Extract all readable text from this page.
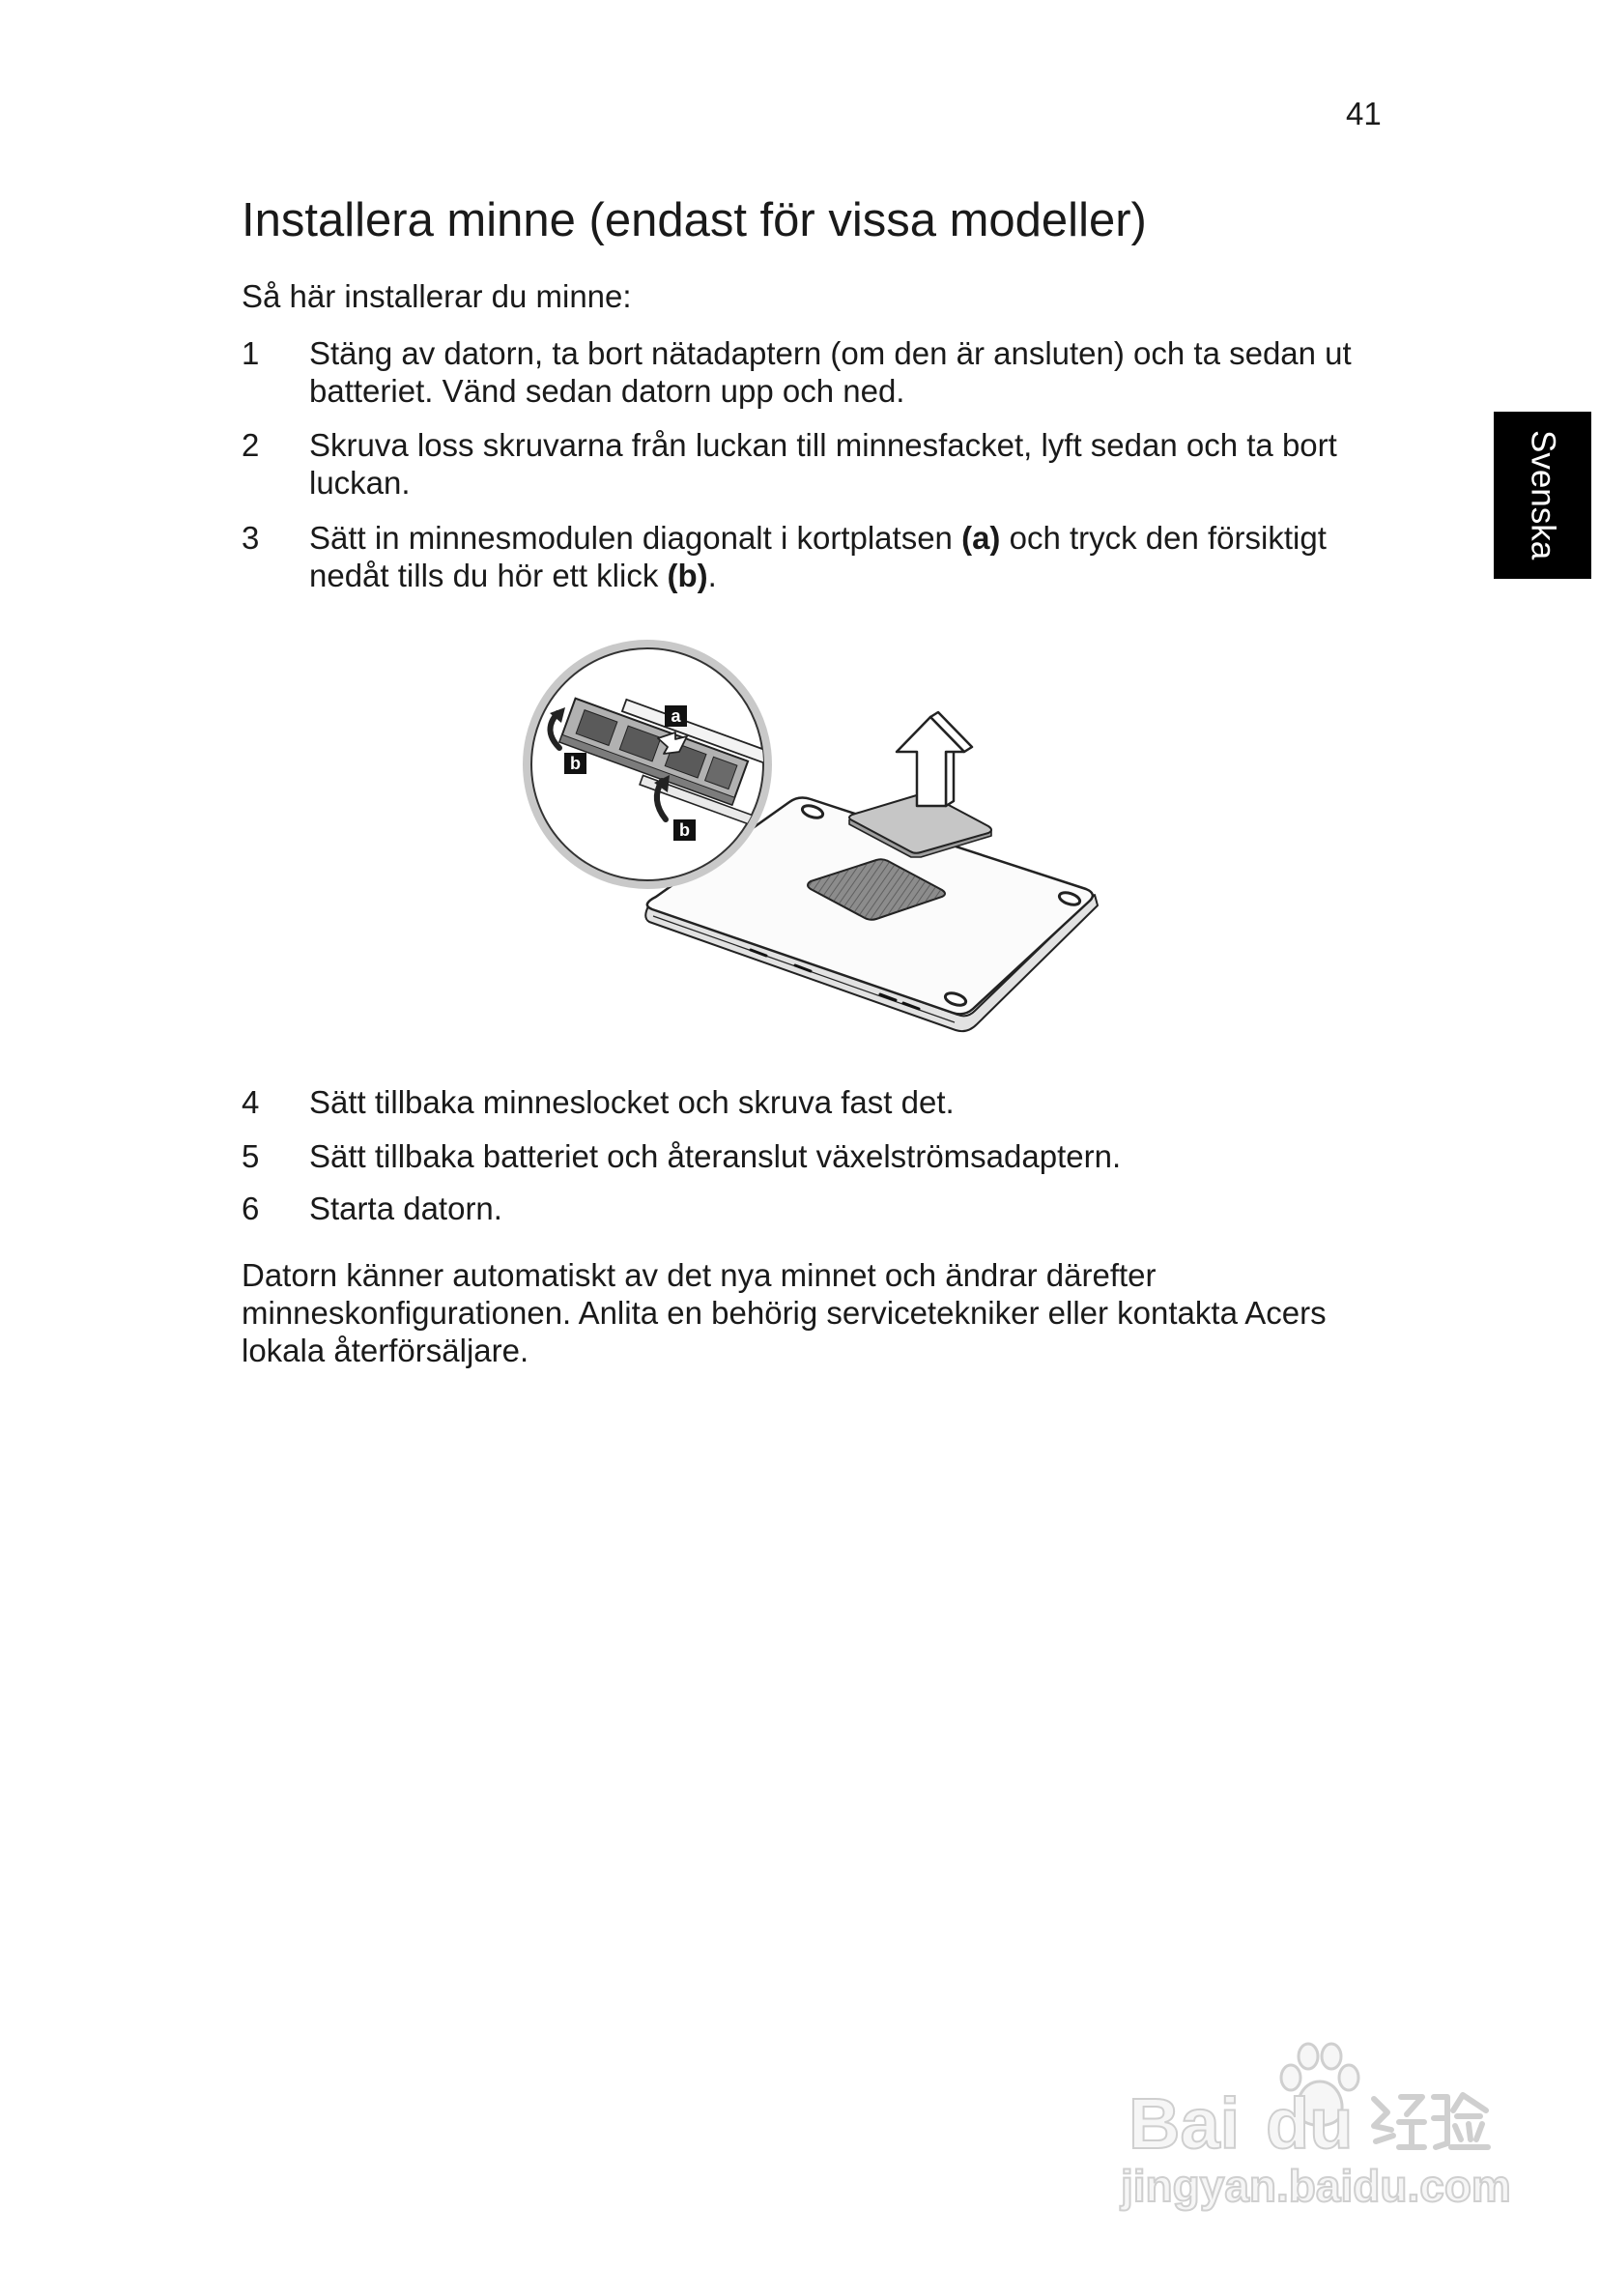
41
Installera minne (endast för vissa modeller)
Så här installerar du minne:
1 Stäng av datorn, ta bort nätadaptern (om den är ansluten) och ta sedan ut
batteriet. Vänd sedan datorn upp och ned.
2 Skruva loss skruvarna från luckan till minnesfacket, lyft sedan och ta bort
luckan.
3 Sätt in minnesmodulen diagonalt i kortplatsen (a) och tryck den försiktigt
nedåt tills du hör ett klick (b).
a
b
b
4 Sätt tillbaka minneslocket och skruva fast det.
5 Sätt tillbaka batteriet och återanslut växelströmsadaptern.
6 Starta datorn.
Datorn känner automatiskt av det nya minnet och ändrar därefter
minneskonfigurationen. Anlita en behörig servicetekniker eller kontakta Acers
lokala återförsäljare.
Svenska
Bai du
jingyan.baidu.com
